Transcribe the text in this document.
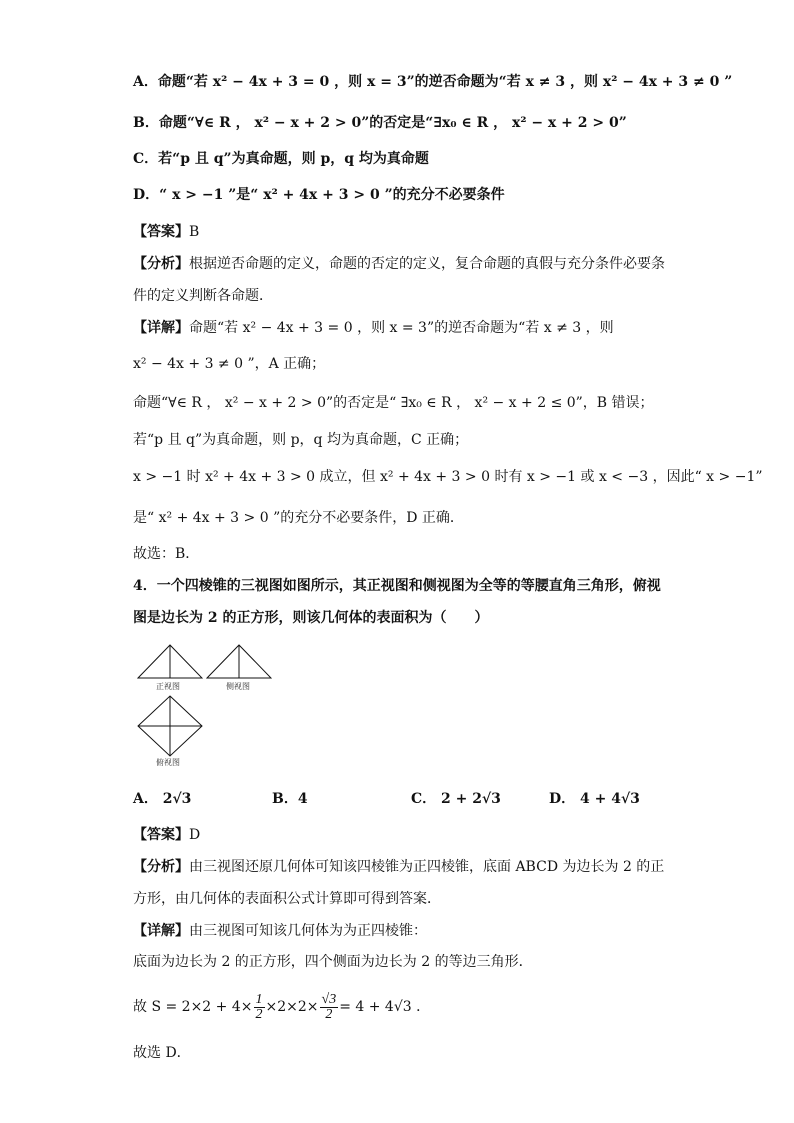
A．命题“若 x² − 4x + 3 = 0 ，则 x = 3”的逆否命题为“若 x ≠ 3 ，则 x² − 4x + 3 ≠ 0 ”
B．命题“∀∈ R ， x² − x + 2 > 0”的否定是“∃x₀ ∈ R ， x² − x + 2 > 0”
C．若“p 且 q”为真命题，则 p，q 均为真命题
D．“ x > −1 ”是“ x² + 4x + 3 > 0 ”的充分不必要条件
【答案】B
【分析】根据逆否命题的定义，命题的否定的定义，复合命题的真假与充分条件必要条
件的定义判断各命题．
【详解】命题“若 x² − 4x + 3 = 0 ，则 x = 3”的逆否命题为“若 x ≠ 3 ，则
x² − 4x + 3 ≠ 0 ”，A 正确；
命题“∀∈ R ， x² − x + 2 > 0”的否定是“ ∃x₀ ∈ R ， x² − x + 2 ≤ 0”，B 错误；
若“p 且 q”为真命题，则 p，q 均为真命题，C 正确；
x > −1 时 x² + 4x + 3 > 0 成立，但 x² + 4x + 3 > 0 时有 x > −1 或 x < −3 ，因此“ x > −1”
是“ x² + 4x + 3 > 0 ”的充分不必要条件，D 正确．
故选：B．
4．一个四棱锥的三视图如图所示，其正视图和侧视图为全等的等腰直角三角形，俯视
图是边长为 2 的正方形，则该几何体的表面积为（　　）
正视图	侧视图
俯视图
A． 2√3	B．4	C． 2 + 2√3	D． 4 + 4√3
【答案】D
【分析】由三视图还原几何体可知该四棱锥为正四棱锥，底面 ABCD 为边长为 2 的正
方形，由几何体的表面积公式计算即可得到答案．
【详解】由三视图可知该几何体为为正四棱锥：
底面为边长为 2 的正方形，四个侧面为边长为 2 的等边三角形．
故 $S = 2\times 2 + 4\times \frac{1}{2} \times 2\times 2\times \frac{√3}{2} = 4 + 4√3$ ．
故选 D．
